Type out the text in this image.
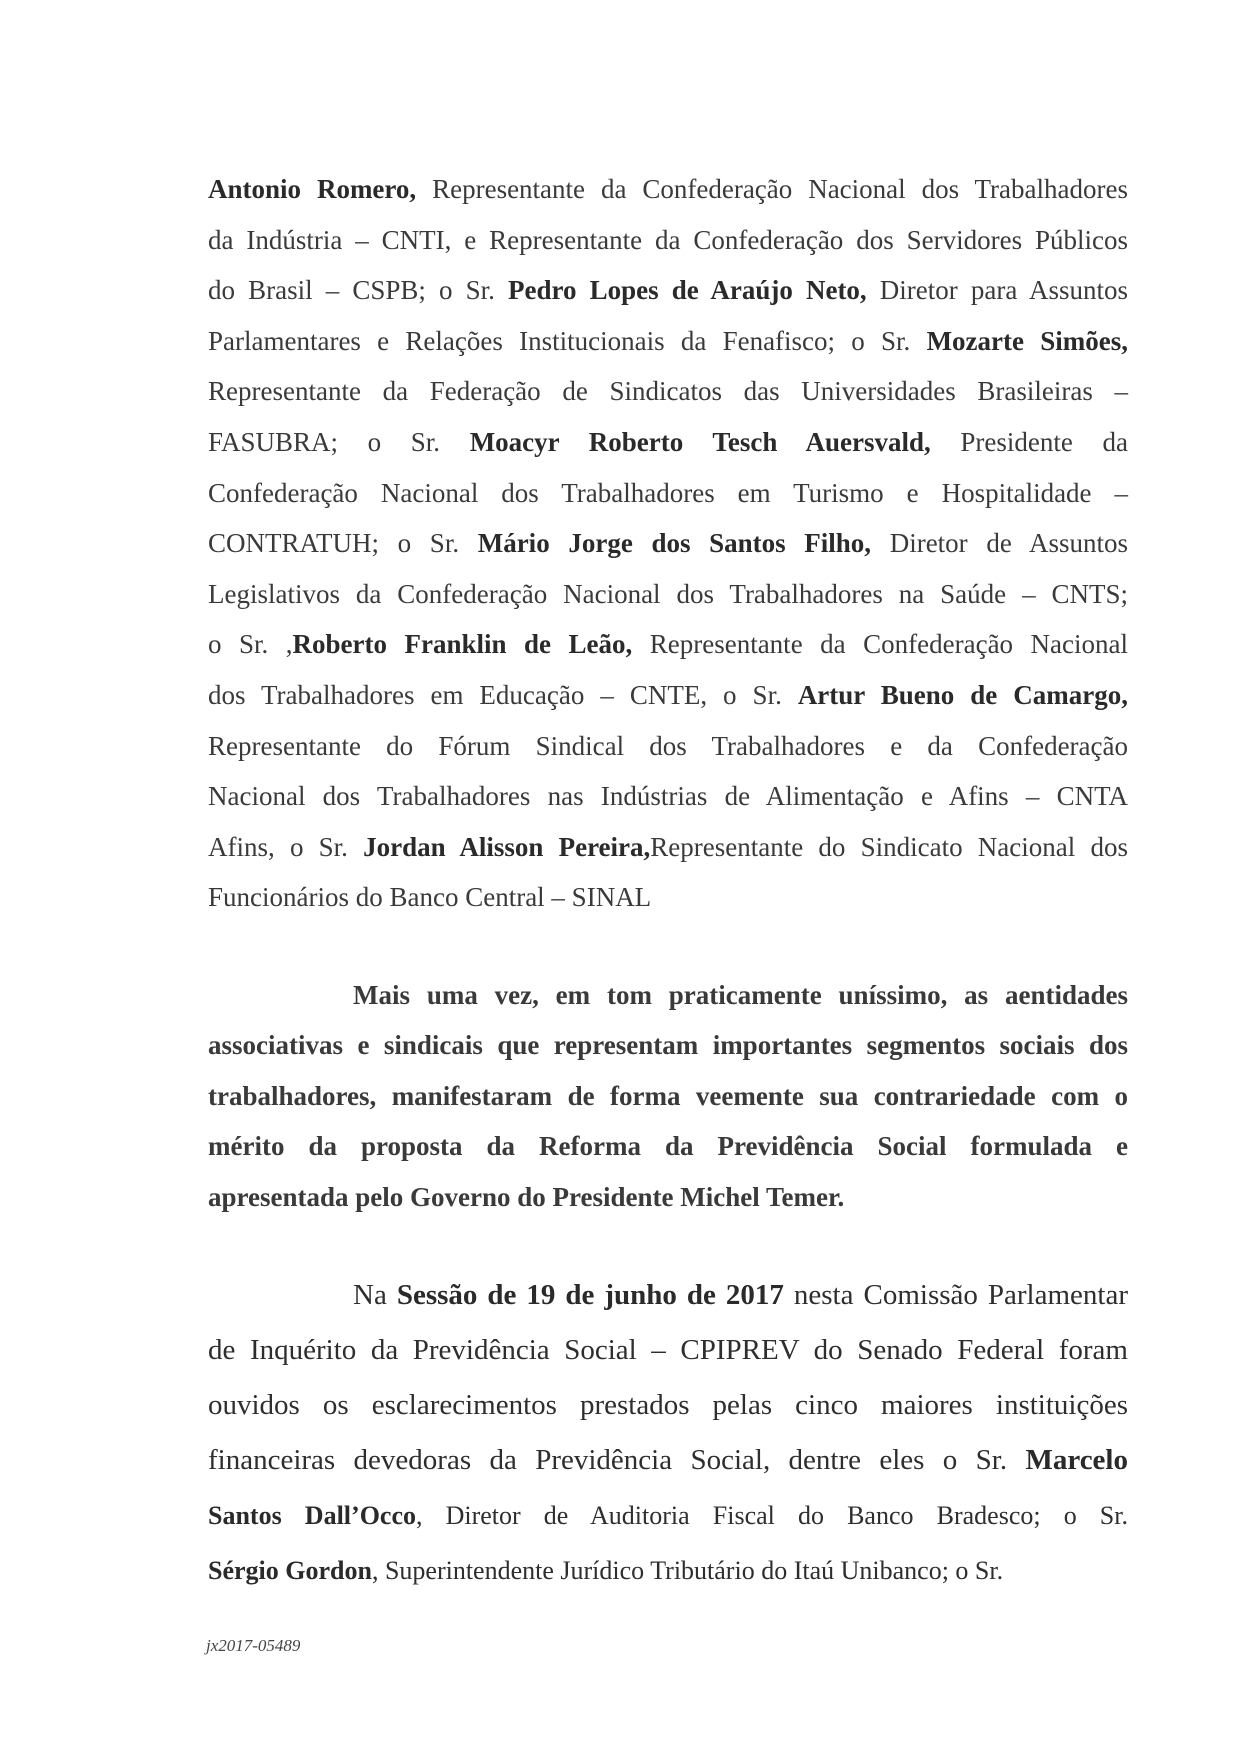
Antonio Romero, Representante da Confederação Nacional dos Trabalhadores
da Indústria – CNTI, e Representante da Confederação dos Servidores Públicos
do Brasil – CSPB; o Sr. Pedro Lopes de Araújo Neto, Diretor para Assuntos
Parlamentares e Relações Institucionais da Fenafisco; o Sr. Mozarte Simões,
Representante da Federação de Sindicatos das Universidades Brasileiras –
FASUBRA; o Sr. Moacyr Roberto Tesch Auersvald, Presidente da
Confederação Nacional dos Trabalhadores em Turismo e Hospitalidade –
CONTRATUH; o Sr. Mário Jorge dos Santos Filho, Diretor de Assuntos
Legislativos da Confederação Nacional dos Trabalhadores na Saúde – CNTS;
o Sr. ,Roberto Franklin de Leão, Representante da Confederação Nacional
dos Trabalhadores em Educação – CNTE, o Sr. Artur Bueno de Camargo,
Representante do Fórum Sindical dos Trabalhadores e da Confederação
Nacional dos Trabalhadores nas Indústrias de Alimentação e Afins – CNTA
Afins, o Sr. Jordan Alisson Pereira,Representante do Sindicato Nacional dos
Funcionários do Banco Central – SINAL
Mais uma vez, em tom praticamente uníssimo, as aentidades
associativas e sindicais que representam importantes segmentos sociais dos
trabalhadores, manifestaram de forma veemente sua contrariedade com o
mérito da proposta da Reforma da Previdência Social formulada e
apresentada pelo Governo do Presidente Michel Temer.
Na Sessão de 19 de junho de 2017 nesta Comissão Parlamentar
de Inquérito da Previdência Social – CPIPREV do Senado Federal foram
ouvidos os esclarecimentos prestados pelas cinco maiores instituições
financeiras devedoras da Previdência Social, dentre eles o Sr. Marcelo
Santos Dall’Occo, Diretor de Auditoria Fiscal do Banco Bradesco; o Sr.
Sérgio Gordon, Superintendente Jurídico Tributário do Itaú Unibanco; o Sr.
jx2017-05489
